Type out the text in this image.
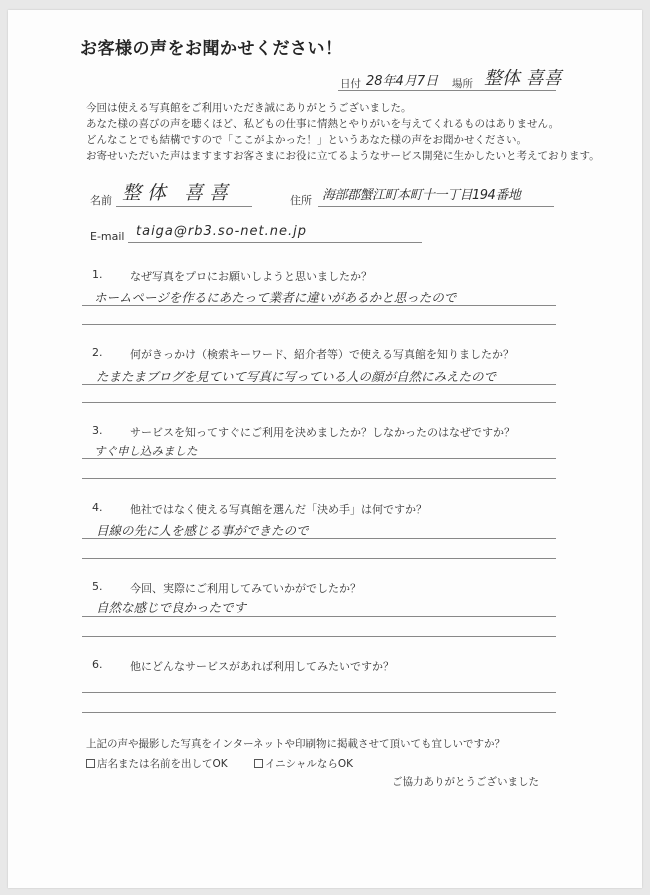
お客様の声をお聞かせください！
日付 28年4月7日 場所 整体 喜喜
今回は使える写真館をご利用いただき誠にありがとうございました。
あなた様の喜びの声を聴くほど、私どもの仕事に情熱とやりがいを与えてくれるものはありません。
どんなことでも結構ですので「ここがよかった！」というあなた様の声をお聞かせください。
お寄せいただいた声はますますお客さまにお役に立てるようなサービス開発に生かしたいと考えております。
名前 整体 喜喜	住所 海部郡蟹江町本町十一丁目194番地
E-mail taiga@rb3.so-net.ne.jp
1.	なぜ写真をプロにお願いしようと思いましたか？
ホームページを作るにあたって業者に違いがあるかと思ったので
2.	何がきっかけ（検索キーワード、紹介者等）で使える写真館を知りましたか？
たまたまブログを見ていて写真に写っている人の顔が自然にみえたので
3.	サービスを知ってすぐにご利用を決めましたか？しなかったのはなぜですか？
すぐ申し込みました
4.	他社ではなく使える写真館を選んだ「決め手」は何ですか？
目線の先に人を感じる事ができたので
5.	今回、実際にご利用してみていかがでしたか？
自然な感じで良かったです
6.	他にどんなサービスがあれば利用してみたいですか？
上記の声や撮影した写真をインターネットや印刷物に掲載させて頂いても宜しいですか？
店名または名前を出してOK	イニシャルならOK
ご協力ありがとうございました
